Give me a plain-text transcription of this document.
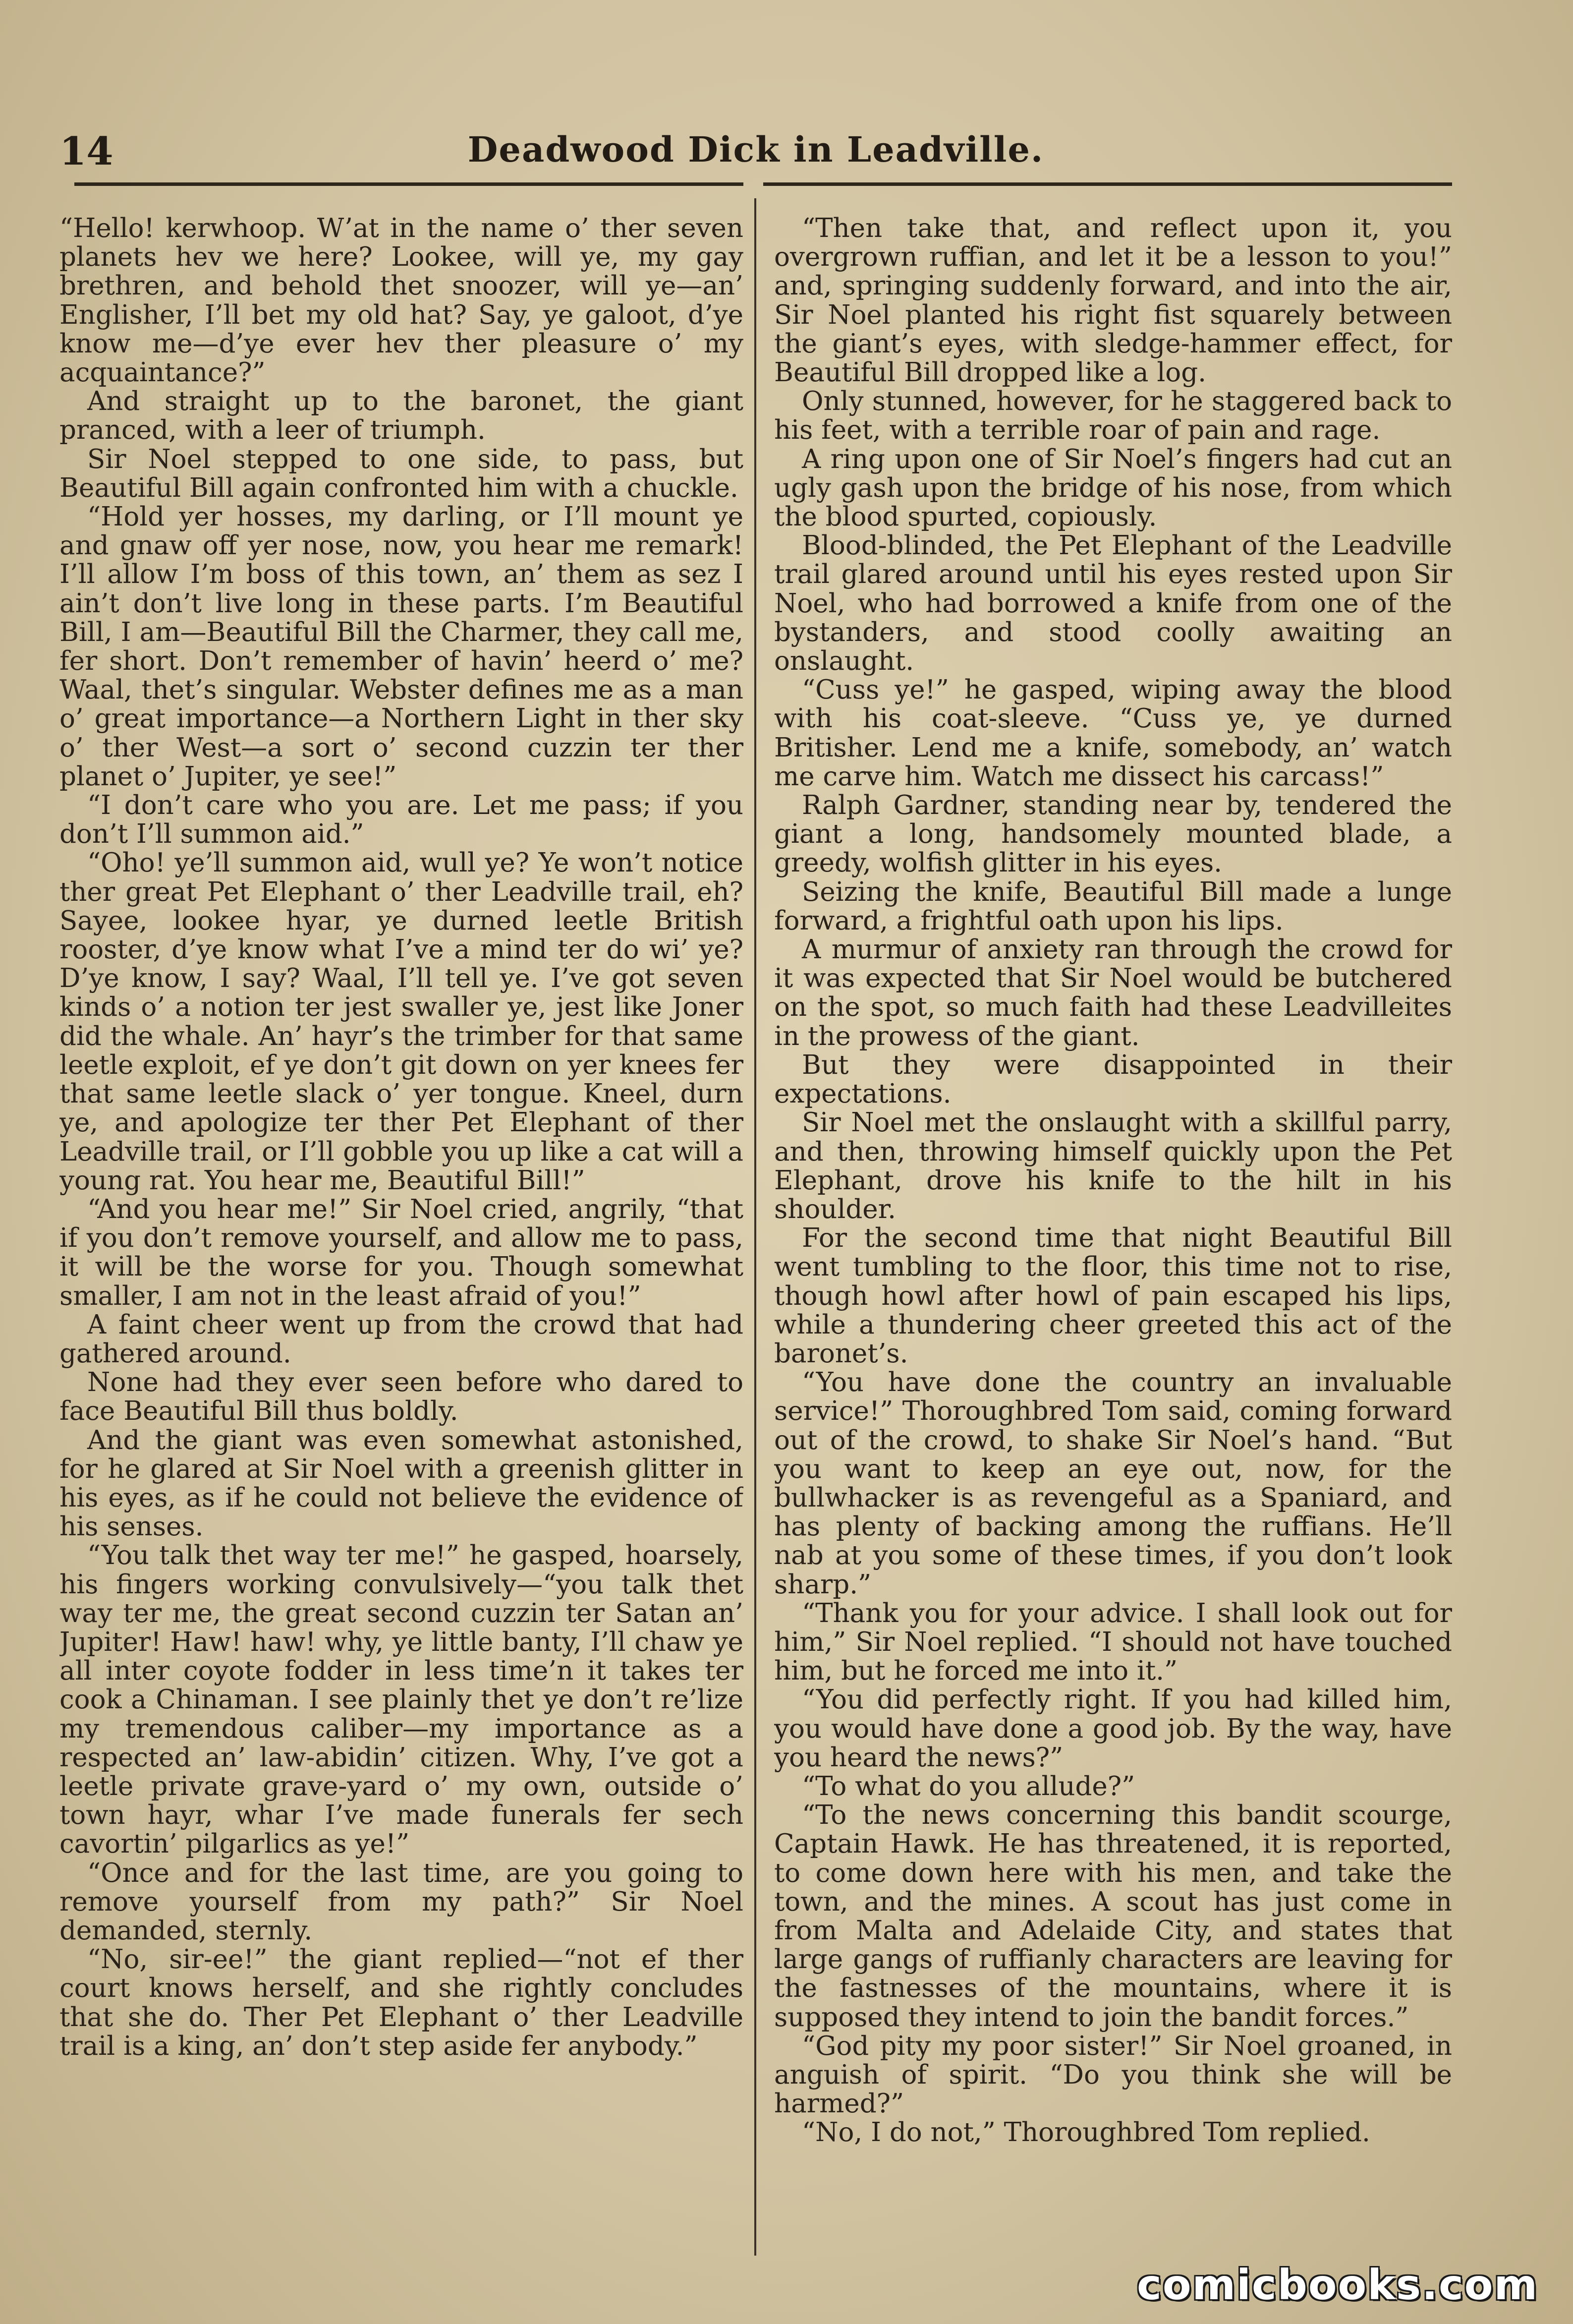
14	Deadwood Dick in Leadville.

“Hello! kerwhoop. W’at in the name o’ ther seven planets hev we here? Lookee, will ye, my gay brethren, and behold thet snoozer, will ye—an’ Englisher, I’ll bet my old hat? Say, ye galoot, d’ye know me—d’ye ever hev ther pleasure o’ my acquaintance?”

And straight up to the baronet, the giant pranced, with a leer of triumph.

Sir Noel stepped to one side, to pass, but Beautiful Bill again confronted him with a chuckle.

“Hold yer hosses, my darling, or I’ll mount ye and gnaw off yer nose, now, you hear me remark! I’ll allow I’m boss of this town, an’ them as sez I ain’t don’t live long in these parts. I’m Beautiful Bill, I am—Beautiful Bill the Charmer, they call me, fer short. Don’t remember of havin’ heerd o’ me? Waal, thet’s singular. Webster defines me as a man o’ great importance—a Northern Light in ther sky o’ ther West—a sort o’ second cuzzin ter ther planet o’ Jupiter, ye see!”

“I don’t care who you are. Let me pass; if you don’t I’ll summon aid.”

“Oho! ye’ll summon aid, wull ye? Ye won’t notice ther great Pet Elephant o’ ther Leadville trail, eh? Sayee, lookee hyar, ye durned leetle British rooster, d’ye know what I’ve a mind ter do wi’ ye? D’ye know, I say? Waal, I’ll tell ye. I’ve got seven kinds o’ a notion ter jest swaller ye, jest like Joner did the whale. An’ hayr’s the trimber for that same leetle exploit, ef ye don’t git down on yer knees fer that same leetle slack o’ yer tongue. Kneel, durn ye, and apologize ter ther Pet Elephant of ther Leadville trail, or I’ll gobble you up like a cat will a young rat. You hear me, Beautiful Bill!”

“And you hear me!” Sir Noel cried, angrily, “that if you don’t remove yourself, and allow me to pass, it will be the worse for you. Though somewhat smaller, I am not in the least afraid of you!”

A faint cheer went up from the crowd that had gathered around.

None had they ever seen before who dared to face Beautiful Bill thus boldly.

And the giant was even somewhat astonished, for he glared at Sir Noel with a greenish glitter in his eyes, as if he could not believe the evidence of his senses.

“You talk thet way ter me!” he gasped, hoarsely, his fingers working convulsively—“you talk thet way ter me, the great second cuzzin ter Satan an’ Jupiter! Haw! haw! why, ye little banty, I’ll chaw ye all inter coyote fodder in less time’n it takes ter cook a Chinaman. I see plainly thet ye don’t re’lize my tremendous caliber—my importance as a respected an’ law-abidin’ citizen. Why, I’ve got a leetle private grave-yard o’ my own, outside o’ town hayr, whar I’ve made funerals fer sech cavortin’ pilgarlics as ye!”

“Once and for the last time, are you going to remove yourself from my path?” Sir Noel demanded, sternly.

“No, sir-ee!” the giant replied—“not ef ther court knows herself, and she rightly concludes that she do. Ther Pet Elephant o’ ther Leadville trail is a king, an’ don’t step aside fer anybody.”

“Then take that, and reflect upon it, you overgrown ruffian, and let it be a lesson to you!” and, springing suddenly forward, and into the air, Sir Noel planted his right fist squarely between the giant’s eyes, with sledge-hammer effect, for Beautiful Bill dropped like a log.

Only stunned, however, for he staggered back to his feet, with a terrible roar of pain and rage.

A ring upon one of Sir Noel’s fingers had cut an ugly gash upon the bridge of his nose, from which the blood spurted, copiously.

Blood-blinded, the Pet Elephant of the Leadville trail glared around until his eyes rested upon Sir Noel, who had borrowed a knife from one of the bystanders, and stood coolly awaiting an onslaught.

“Cuss ye!” he gasped, wiping away the blood with his coat-sleeve. “Cuss ye, ye durned Britisher. Lend me a knife, somebody, an’ watch me carve him. Watch me dissect his carcass!”

Ralph Gardner, standing near by, tendered the giant a long, handsomely mounted blade, a greedy, wolfish glitter in his eyes.

Seizing the knife, Beautiful Bill made a lunge forward, a frightful oath upon his lips.

A murmur of anxiety ran through the crowd for it was expected that Sir Noel would be butchered on the spot, so much faith had these Leadvilleites in the prowess of the giant.

But they were disappointed in their expectations.

Sir Noel met the onslaught with a skillful parry, and then, throwing himself quickly upon the Pet Elephant, drove his knife to the hilt in his shoulder.

For the second time that night Beautiful Bill went tumbling to the floor, this time not to rise, though howl after howl of pain escaped his lips, while a thundering cheer greeted this act of the baronet’s.

“You have done the country an invaluable service!” Thoroughbred Tom said, coming forward out of the crowd, to shake Sir Noel’s hand. “But you want to keep an eye out, now, for the bullwhacker is as revengeful as a Spaniard, and has plenty of backing among the ruffians. He’ll nab at you some of these times, if you don’t look sharp.”

“Thank you for your advice. I shall look out for him,” Sir Noel replied. “I should not have touched him, but he forced me into it.”

“You did perfectly right. If you had killed him, you would have done a good job. By the way, have you heard the news?”

“To what do you allude?”

“To the news concerning this bandit scourge, Captain Hawk. He has threatened, it is reported, to come down here with his men, and take the town, and the mines. A scout has just come in from Malta and Adelaide City, and states that large gangs of ruffianly characters are leaving for the fastnesses of the mountains, where it is supposed they intend to join the bandit forces.”

“God pity my poor sister!” Sir Noel groaned, in anguish of spirit. “Do you think she will be harmed?”

“No, I do not,” Thoroughbred Tom replied.

comicbooks.com
